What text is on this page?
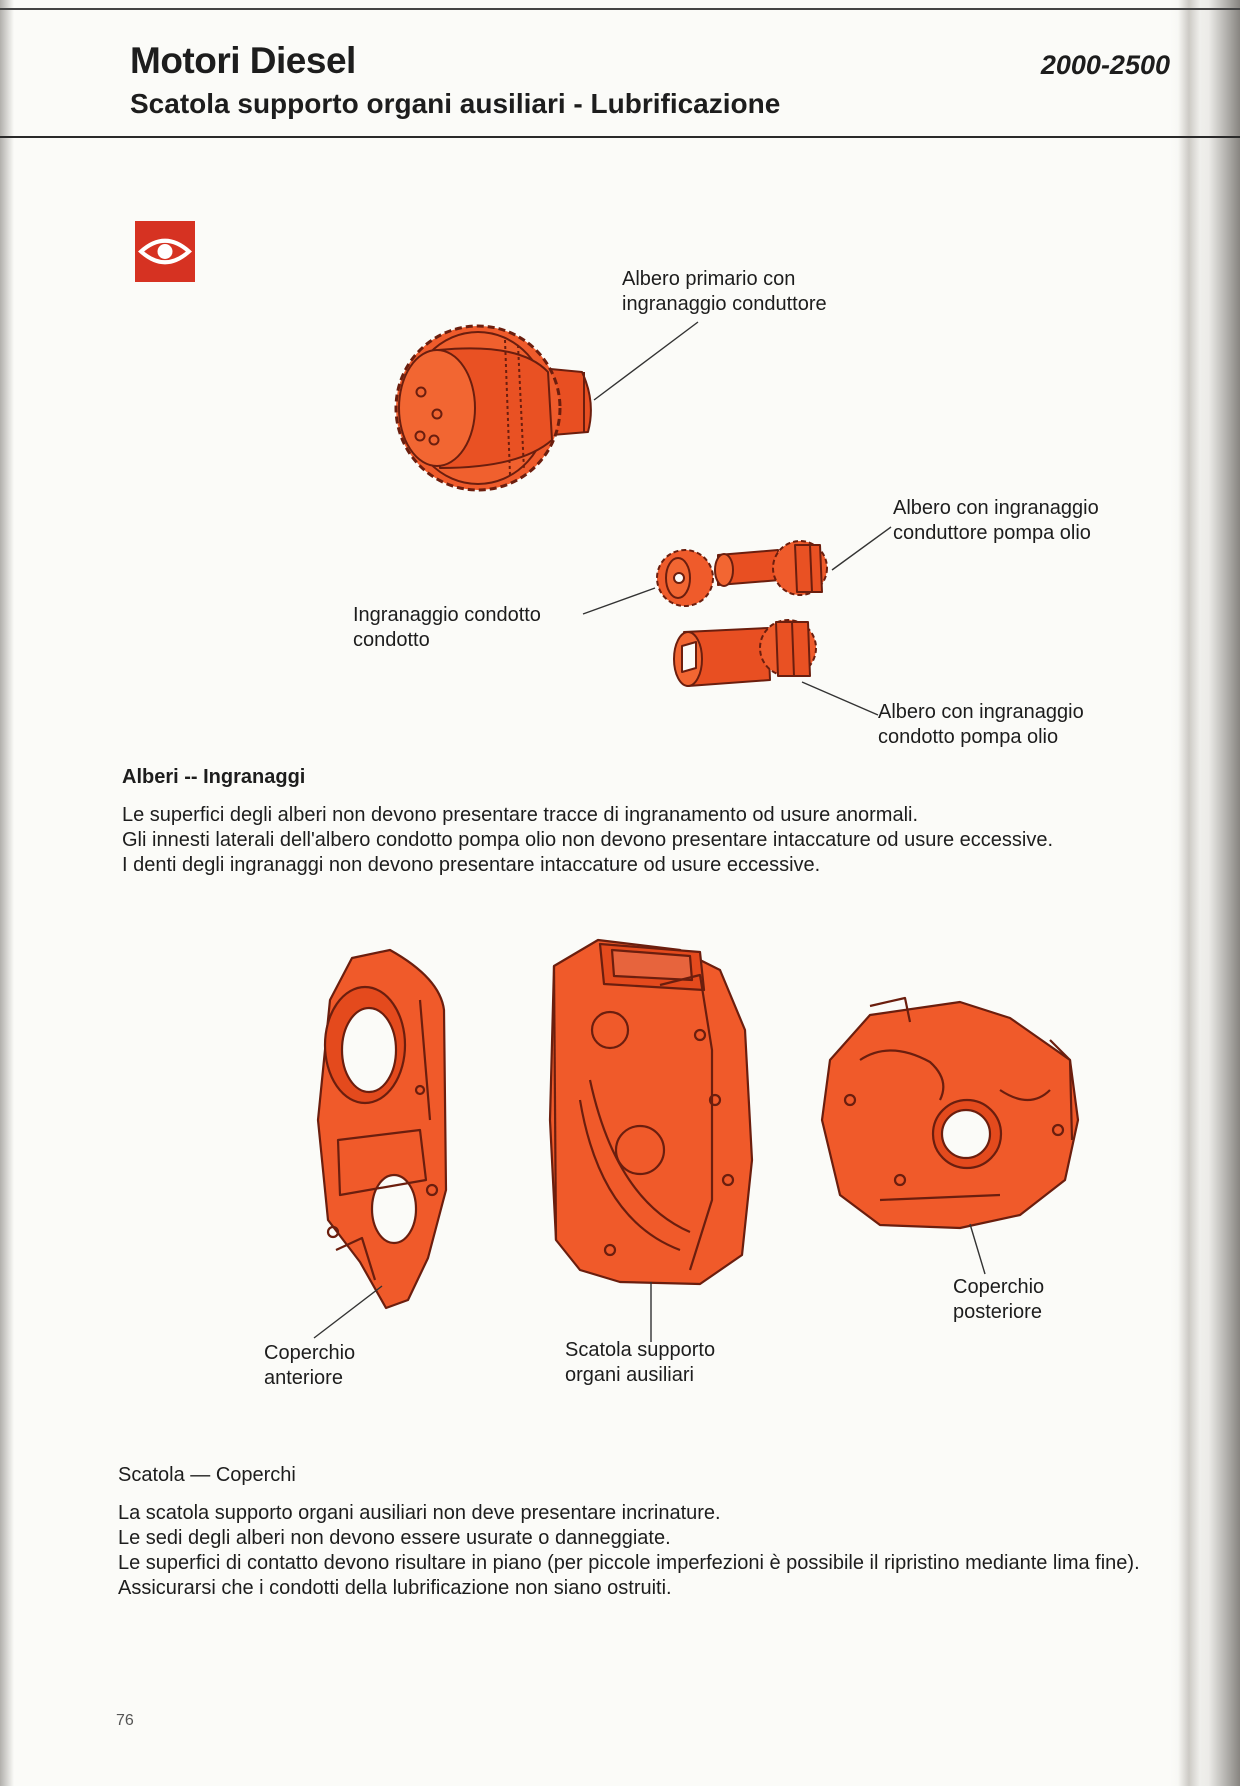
Motori Diesel
Scatola supporto organi ausiliari - Lubrificazione
2000-2500
Albero primario con
ingranaggio conduttore
Albero con ingranaggio
conduttore pompa olio
Ingranaggio condotto
condotto
Albero con ingranaggio
condotto pompa olio
Alberi -- Ingranaggi

Le superfici degli alberi non devono presentare tracce di ingranamento od usure anormali.

Gli innesti laterali dell'albero condotto pompa olio non devono presentare intaccature od usure eccessive.

I denti degli ingranaggi non devono presentare intaccature od usure eccessive.

Coperchio
anteriore
Scatola supporto
organi ausiliari
Coperchio
posteriore
Scatola — Coperchi

La scatola supporto organi ausiliari non deve presentare incrinature.

Le sedi degli alberi non devono essere usurate o danneggiate.

Le superfici di contatto devono risultare in piano (per piccole imperfezioni è possibile il ripristino mediante lima fine).

Assicurarsi che i condotti della lubrificazione non siano ostruiti.

76
